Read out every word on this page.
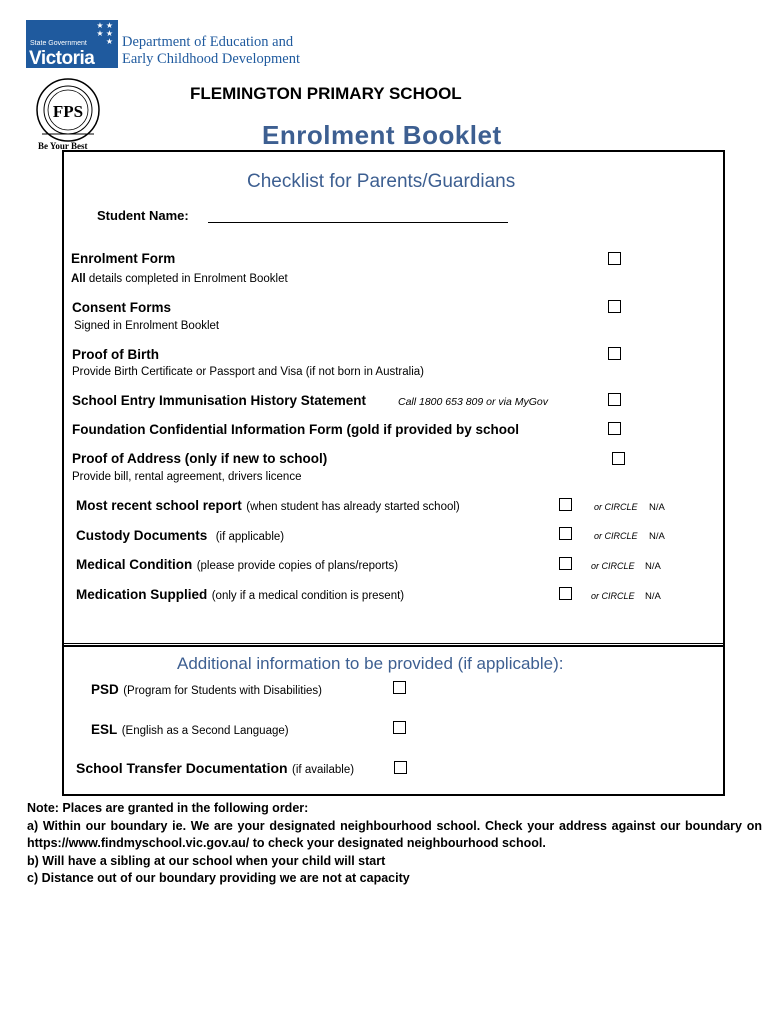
★ ★
★ ★
★
State Government
Victoria
Department of Education and
Early Childhood Development
FLEMINGTON PRIMARY SCHOOL
FPS
Be Your Best	Enrolment Booklet
Checklist for Parents/Guardians
Student Name:
Enrolment Form
All details completed in Enrolment Booklet
Consent Forms
Signed in Enrolment Booklet
Proof of Birth
Provide Birth Certificate or Passport and Visa (if not born in Australia)
School Entry Immunisation History Statement	Call 1800 653 809 or via MyGov
Foundation Confidential Information Form (gold if provided by school
Proof of Address (only if new to school)
Provide bill, rental agreement, drivers licence
Most recent school report (when student has already started school)	or CIRCLE N/A
Custody Documents (if applicable)	or CIRCLE N/A
Medical Condition (please provide copies of plans/reports)	or CIRCLE N/A
Medication Supplied (only if a medical condition is present)	or CIRCLE N/A
Additional information to be provided (if applicable):
PSD (Program for Students with Disabilities)
ESL (English as a Second Language)
School Transfer Documentation (if available)

Note: Places are granted in the following order:

a) Within our boundary ie. We are your designated neighbourhood school. Check your address against our boundary on https://www.findmyschool.vic.gov.au/ to check your designated neighbourhood school.

b) Will have a sibling at our school when your child will start

c) Distance out of our boundary providing we are not at capacity
